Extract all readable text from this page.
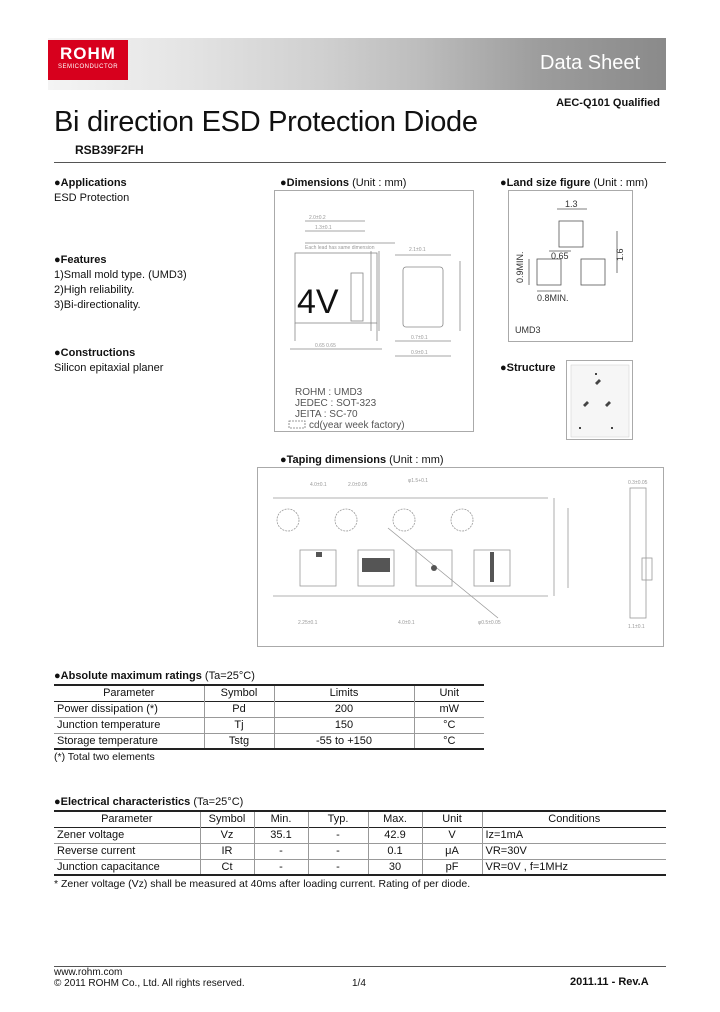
ROHM
SEMICONDUCTOR	Data Sheet
AEC-Q101 Qualified
Bi direction ESD Protection Diode
RSB39F2FH
●Applications
ESD Protection
●Features
1)Small mold type. (UMD3)
2)High reliability.
3)Bi-directionality.
●Constructions
Silicon epitaxial planer
●Dimensions (Unit : mm)
2.0±0.2
1.3±0.1
Each lead has same dimension	2.1±0.1
0.65 0.65
0.7±0.1
0.9±0.1
4V
ROHM : UMD3
JEDEC : SOT-323
JEITA : SC-70
cd(year week factory)
●Land size figure (Unit : mm)
1.3
0.65	1.6
0.9MIN.
0.8MIN.
UMD3
●Structure
●Taping dimensions (Unit : mm)
4.0±0.1	2.0±0.05
φ1.5+0.1
2.25±0.1	4.0±0.1	φ0.5±0.05
0.3±0.05
1.1±0.1
●Absolute maximum ratings (Ta=25°C)
Parameter	Symbol	Limits	Unit
Power dissipation (*)	Pd	200	mW
Junction temperature	Tj	150	°C
Storage temperature	Tstg	-55 to +150	°C
(*) Total two elements
●Electrical characteristics (Ta=25°C)
Parameter	Symbol	Min.	Typ.	Max.	Unit	Conditions
Zener voltage	Vz	35.1	-	42.9	V	Iz=1mA
Reverse current	IR	-	-	0.1	μA	VR=30V
Junction capacitance	Ct	-	-	30	pF	VR=0V , f=1MHz
* Zener voltage (Vz) shall be measured at 40ms after loading current. Rating of per diode.
www.rohm.com
© 2011 ROHM Co., Ltd. All rights reserved.	1/4	2011.11 - Rev.A
